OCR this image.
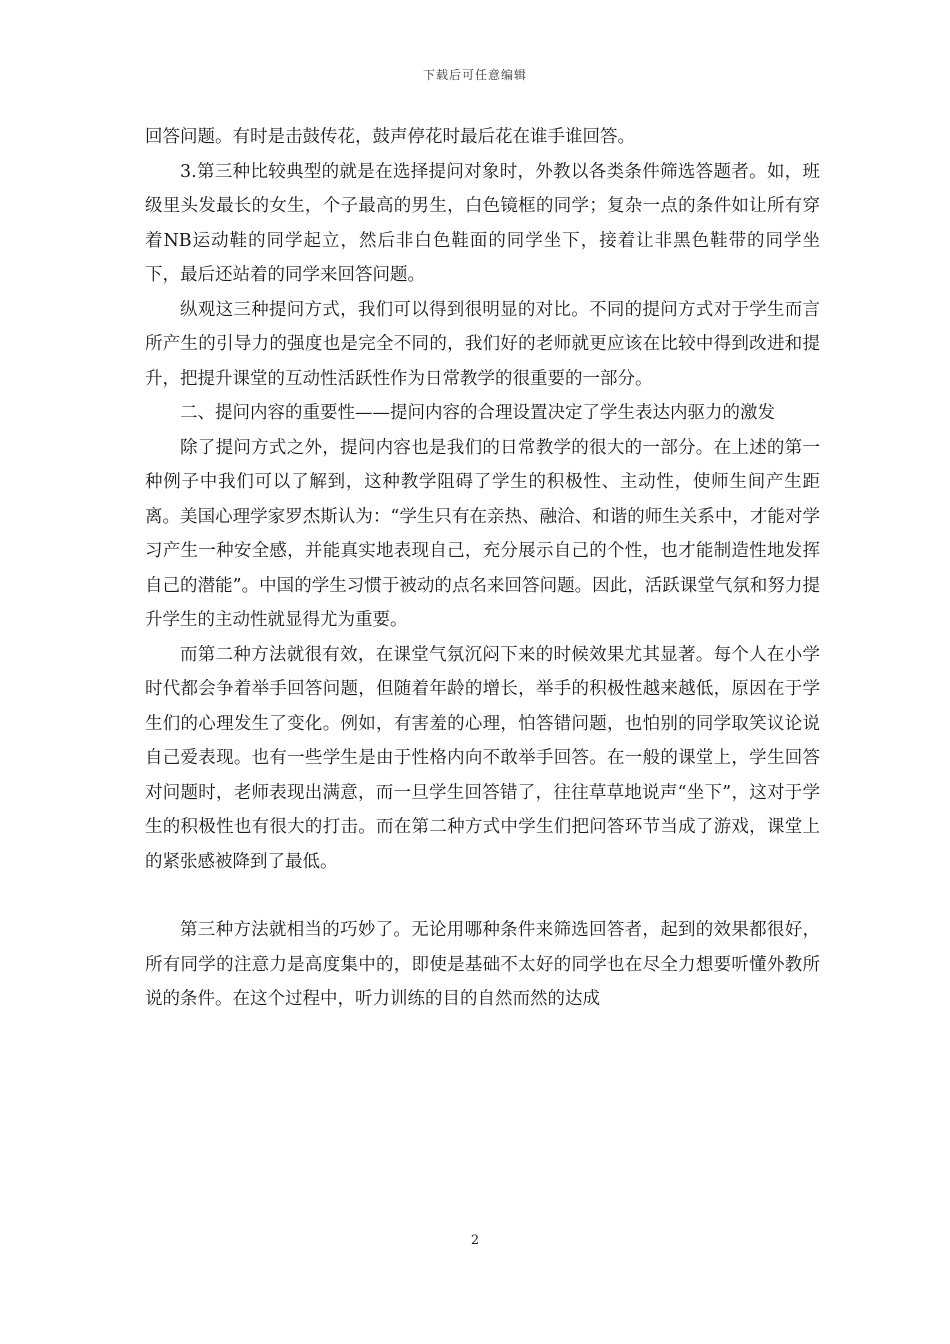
下载后可任意编辑

回答问题。有时是击鼓传花，鼓声停花时最后花在谁手谁回答。

3.第三种比较典型的就是在选择提问对象时，外教以各类条件筛选答题者。如，班级里头发最长的女生，个子最高的男生，白色镜框的同学；复杂一点的条件如让所有穿着NB运动鞋的同学起立，然后非白色鞋面的同学坐下，接着让非黑色鞋带的同学坐下，最后还站着的同学来回答问题。

纵观这三种提问方式，我们可以得到很明显的对比。不同的提问方式对于学生而言所产生的引导力的强度也是完全不同的，我们好的老师就更应该在比较中得到改进和提升，把提升课堂的互动性活跃性作为日常教学的很重要的一部分。

二、提问内容的重要性——提问内容的合理设置决定了学生表达内驱力的激发

除了提问方式之外，提问内容也是我们的日常教学的很大的一部分。在上述的第一种例子中我们可以了解到，这种教学阻碍了学生的积极性、主动性，使师生间产生距离。美国心理学家罗杰斯认为：“学生只有在亲热、融洽、和谐的师生关系中，才能对学习产生一种安全感，并能真实地表现自己，充分展示自己的个性，也才能制造性地发挥自己的潜能”。中国的学生习惯于被动的点名来回答问题。因此，活跃课堂气氛和努力提升学生的主动性就显得尤为重要。

而第二种方法就很有效，在课堂气氛沉闷下来的时候效果尤其显著。每个人在小学时代都会争着举手回答问题，但随着年龄的增长，举手的积极性越来越低，原因在于学生们的心理发生了变化。例如，有害羞的心理，怕答错问题，也怕别的同学取笑议论说自己爱表现。也有一些学生是由于性格内向不敢举手回答。在一般的课堂上，学生回答对问题时，老师表现出满意，而一旦学生回答错了，往往草草地说声“坐下”，这对于学生的积极性也有很大的打击。而在第二种方式中学生们把问答环节当成了游戏，课堂上的紧张感被降到了最低。

第三种方法就相当的巧妙了。无论用哪种条件来筛选回答者，起到的效果都很好，所有同学的注意力是高度集中的，即使是基础不太好的同学也在尽全力想要听懂外教所说的条件。在这个过程中，听力训练的目的自然而然的达成

2
